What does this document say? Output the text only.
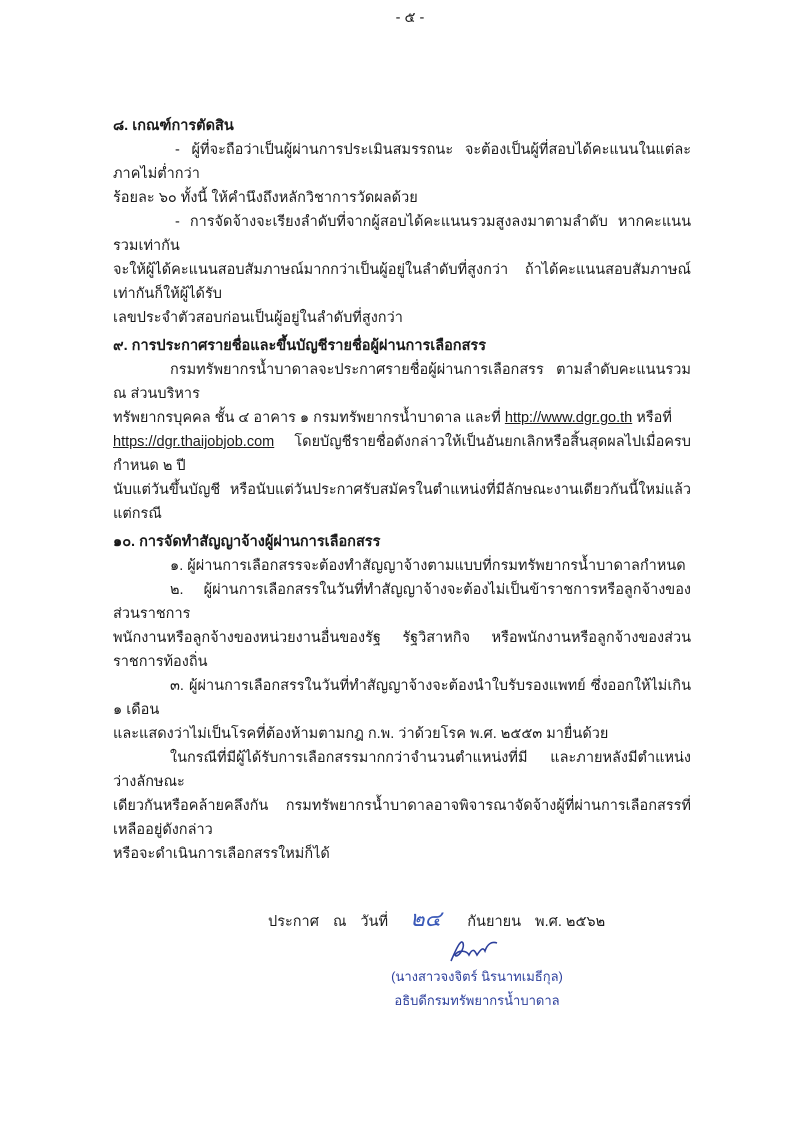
- ๕ -
๘. เกณฑ์การตัดสิน
- ผู้ที่จะถือว่าเป็นผู้ผ่านการประเมินสมรรถนะ จะต้องเป็นผู้ที่สอบได้คะแนนในแต่ละภาคไม่ต่ำกว่า
ร้อยละ ๖๐ ทั้งนี้ ให้คำนึงถึงหลักวิชาการวัดผลด้วย
- การจัดจ้างจะเรียงลำดับที่จากผู้สอบได้คะแนนรวมสูงลงมาตามลำดับ หากคะแนนรวมเท่ากัน
จะให้ผู้ได้คะแนนสอบสัมภาษณ์มากกว่าเป็นผู้อยู่ในลำดับที่สูงกว่า ถ้าได้คะแนนสอบสัมภาษณ์เท่ากันก็ให้ผู้ได้รับ
เลขประจำตัวสอบก่อนเป็นผู้อยู่ในลำดับที่สูงกว่า
๙. การประกาศรายชื่อและขึ้นบัญชีรายชื่อผู้ผ่านการเลือกสรร
กรมทรัพยากรน้ำบาดาลจะประกาศรายชื่อผู้ผ่านการเลือกสรร ตามลำดับคะแนนรวม ณ ส่วนบริหาร
ทรัพยากรบุคคล ชั้น ๔ อาคาร ๑ กรมทรัพยากรน้ำบาดาล และที่ http://www.dgr.go.th หรือที่
https://dgr.thaijobjob.com โดยบัญชีรายชื่อดังกล่าวให้เป็นอันยกเลิกหรือสิ้นสุดผลไปเมื่อครบกำหนด ๒ ปี
นับแต่วันขึ้นบัญชี หรือนับแต่วันประกาศรับสมัครในตำแหน่งที่มีลักษณะงานเดียวกันนี้ใหม่แล้วแต่กรณี
๑๐. การจัดทำสัญญาจ้างผู้ผ่านการเลือกสรร
๑. ผู้ผ่านการเลือกสรรจะต้องทำสัญญาจ้างตามแบบที่กรมทรัพยากรน้ำบาดาลกำหนด
๒. ผู้ผ่านการเลือกสรรในวันที่ทำสัญญาจ้างจะต้องไม่เป็นข้าราชการหรือลูกจ้างของส่วนราชการ
พนักงานหรือลูกจ้างของหน่วยงานอื่นของรัฐ รัฐวิสาหกิจ หรือพนักงานหรือลูกจ้างของส่วนราชการท้องถิ่น
๓. ผู้ผ่านการเลือกสรรในวันที่ทำสัญญาจ้างจะต้องนำใบรับรองแพทย์ ซึ่งออกให้ไม่เกิน ๑ เดือน
และแสดงว่าไม่เป็นโรคที่ต้องห้ามตามกฎ ก.พ. ว่าด้วยโรค พ.ศ. ๒๕๕๓ มายื่นด้วย
ในกรณีที่มีผู้ได้รับการเลือกสรรมากกว่าจำนวนตำแหน่งที่มี และภายหลังมีตำแหน่งว่างลักษณะ
เดียวกันหรือคล้ายคลึงกัน กรมทรัพยากรน้ำบาดาลอาจพิจารณาจัดจ้างผู้ที่ผ่านการเลือกสรรที่เหลืออยู่ดังกล่าว
หรือจะดำเนินการเลือกสรรใหม่ก็ได้
ประกาศ ณ วันที่ ๒๔ กันยายน พ.ศ. ๒๕๖๒
(นางสาวจงจิตร์ นิรนาทเมธีกุล)
อธิบดีกรมทรัพยากรน้ำบาดาล
